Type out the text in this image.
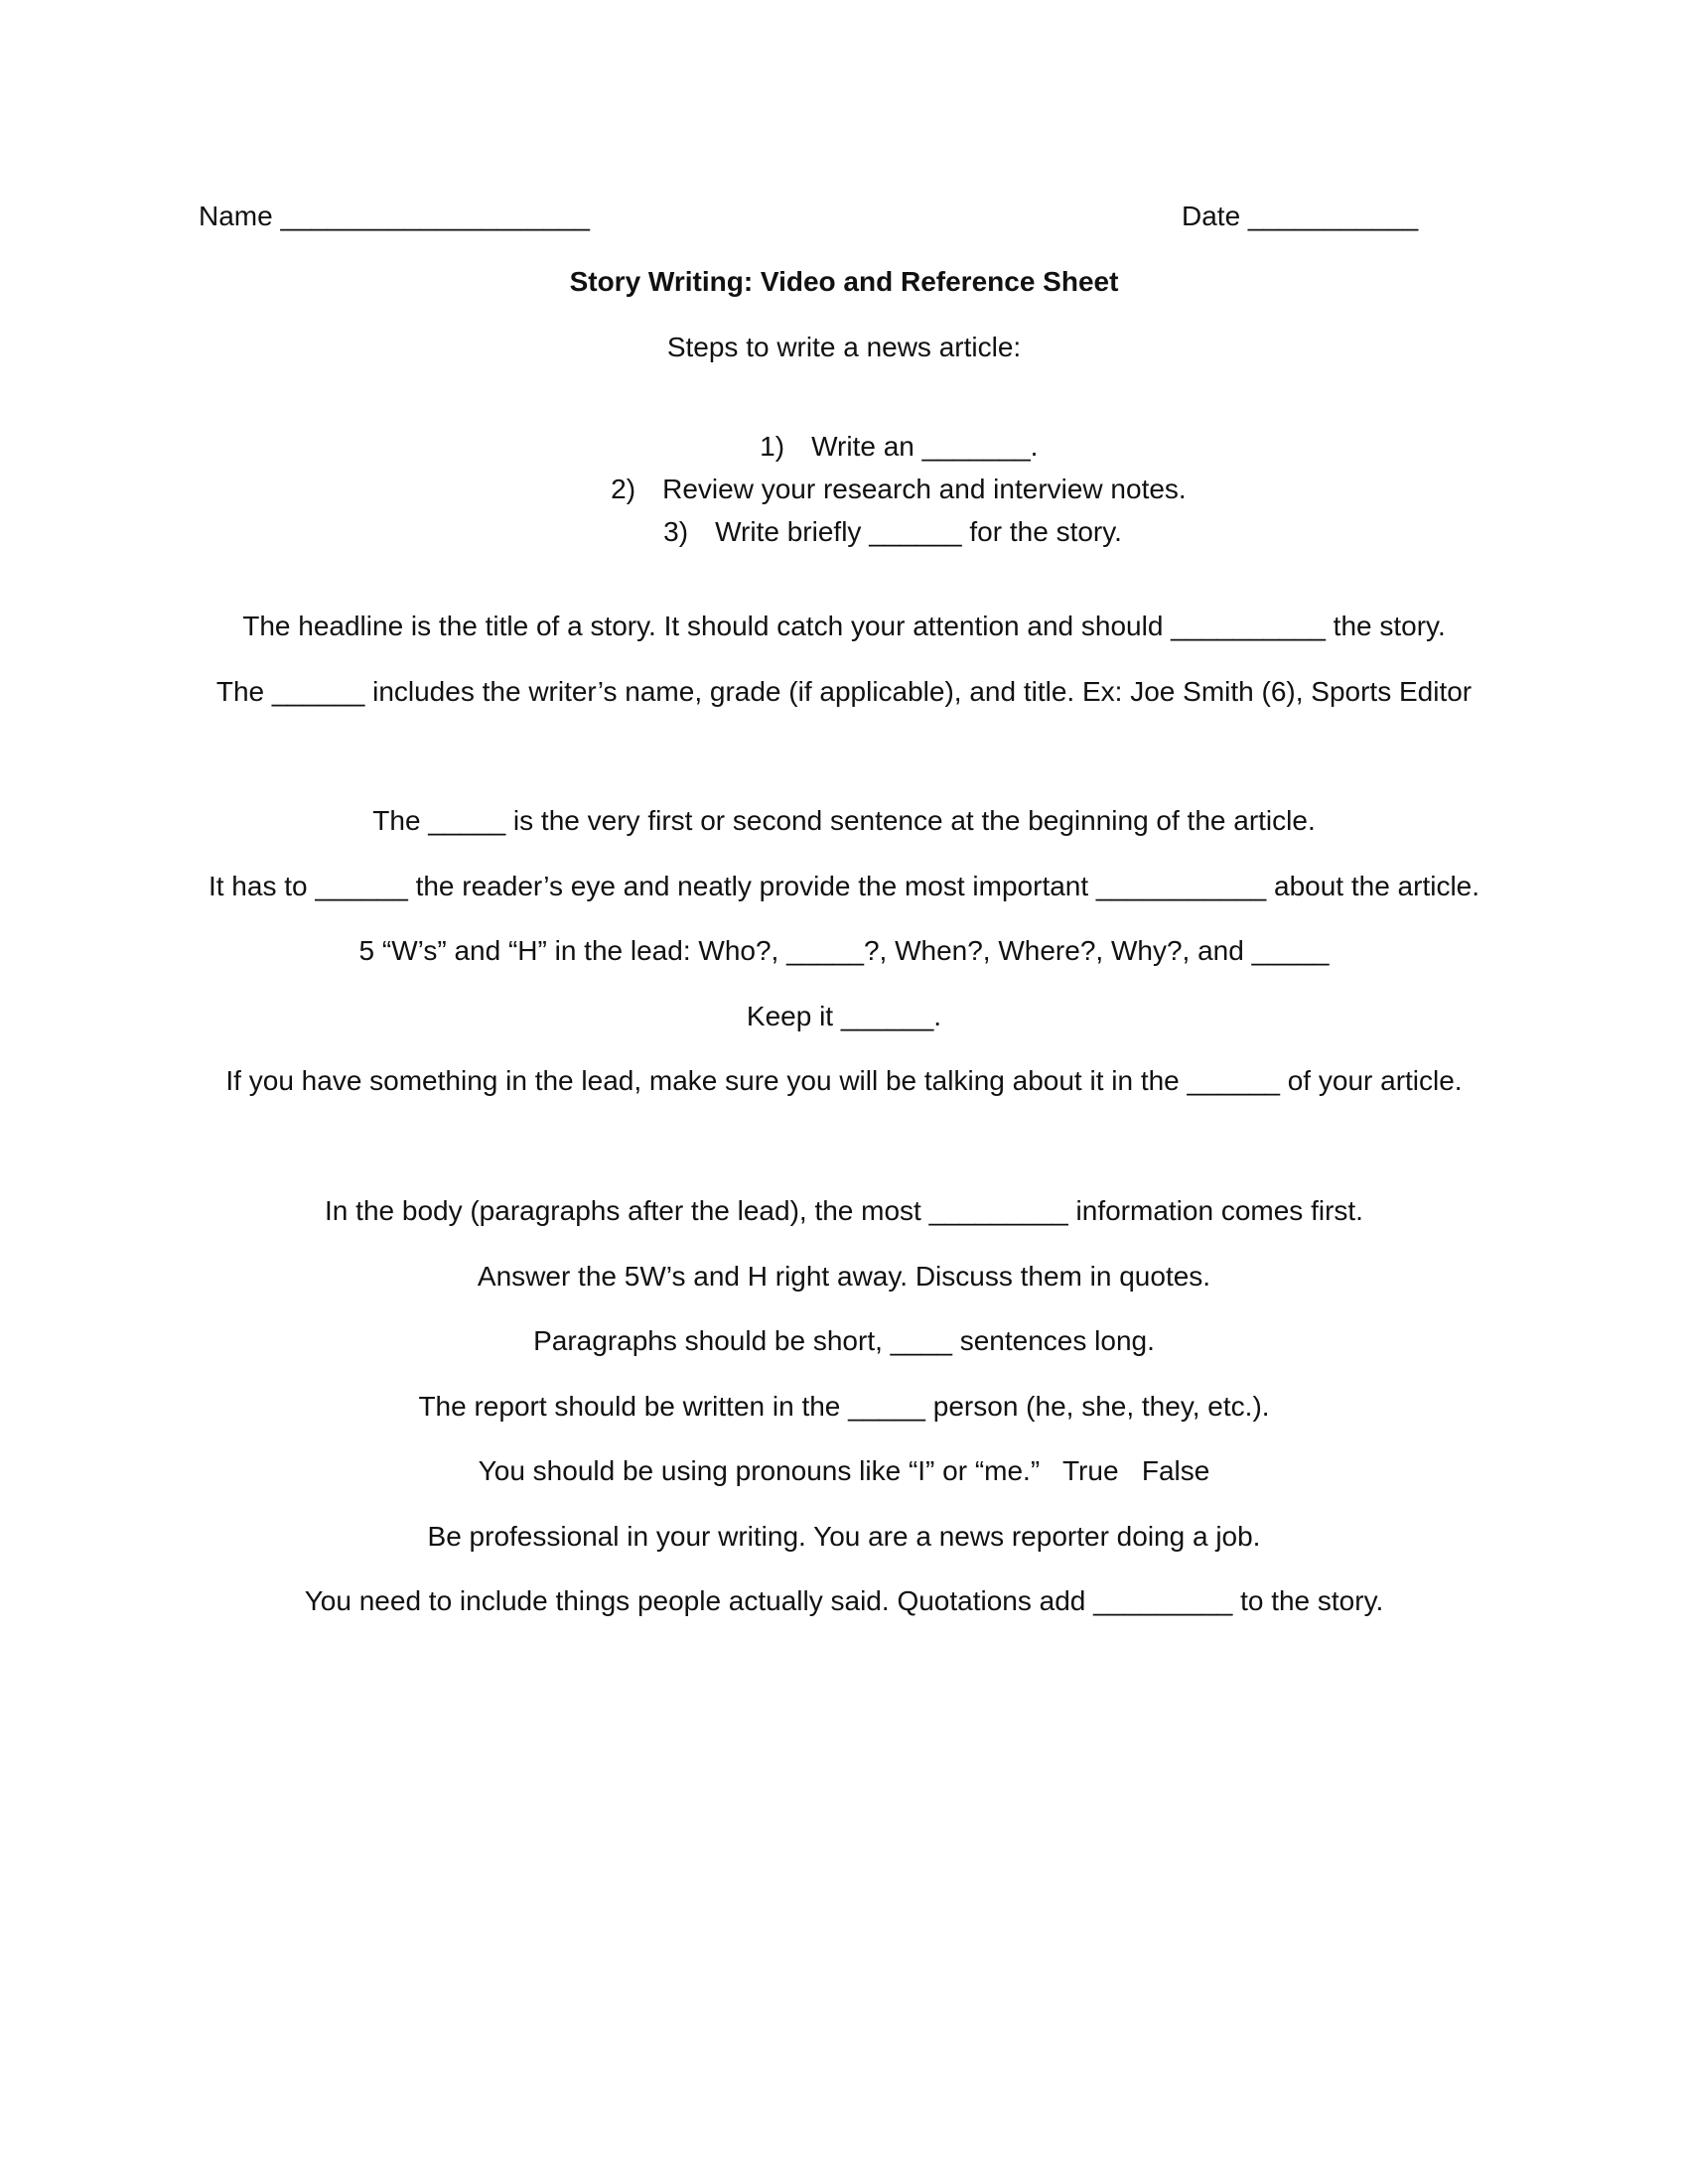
Name ____________________	Date ___________
Story Writing: Video and Reference Sheet
Steps to write a news article:

1) Write an _______.

2) Review your research and interview notes.

3) Write briefly ______ for the story.

The headline is the title of a story. It should catch your attention and should __________ the story.
The ______ includes the writer’s name, grade (if applicable), and title. Ex: Joe Smith (6), Sports Editor
The _____ is the very first or second sentence at the beginning of the article.
It has to ______ the reader’s eye and neatly provide the most important ___________ about the article.
5 “W’s” and “H” in the lead: Who?, _____?, When?, Where?, Why?, and _____
Keep it ______.
If you have something in the lead, make sure you will be talking about it in the ______ of your article.
In the body (paragraphs after the lead), the most _________ information comes first.
Answer the 5W’s and H right away. Discuss them in quotes.
Paragraphs should be short, ____ sentences long.
The report should be written in the _____ person (he, she, they, etc.).
You should be using pronouns like “I” or “me.”   True   False
Be professional in your writing. You are a news reporter doing a job.
You need to include things people actually said. Quotations add _________ to the story.
